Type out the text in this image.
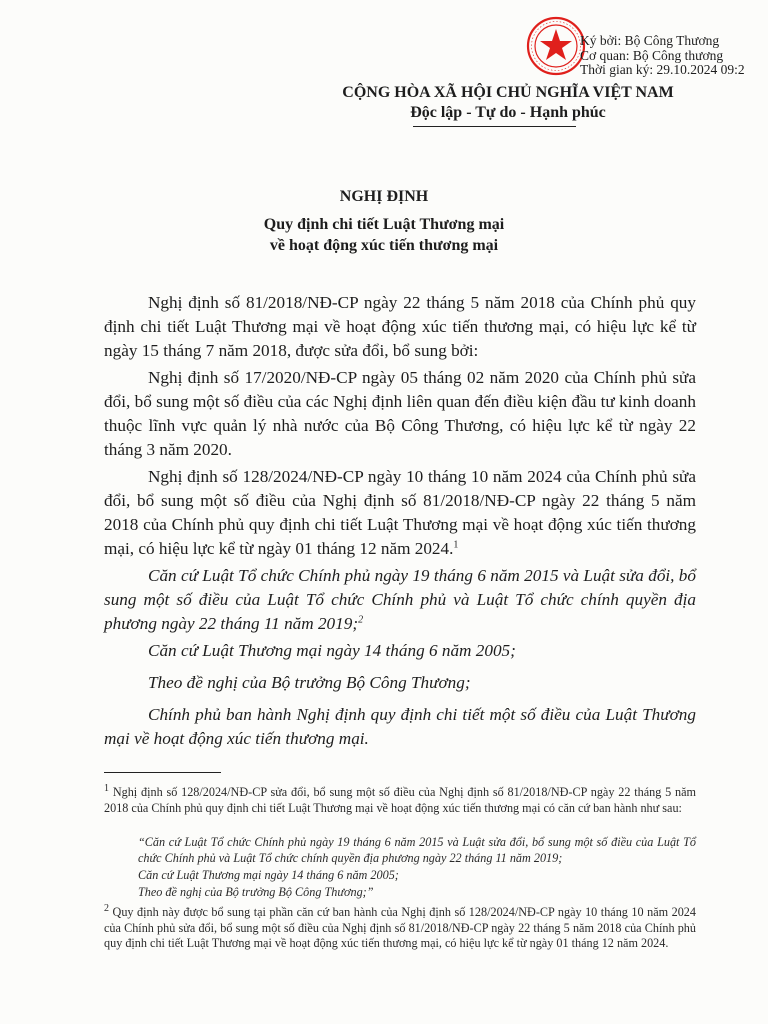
Ký bởi: Bộ Công Thương
Cơ quan: Bộ Công thương
Thời gian ký: 29.10.2024 09:2
CỘNG HÒA XÃ HỘI CHỦ NGHĨA VIỆT NAM
Độc lập - Tự do - Hạnh phúc
NGHỊ ĐỊNH
Quy định chi tiết Luật Thương mại
về hoạt động xúc tiến thương mại
Nghị định số 81/2018/NĐ-CP ngày 22 tháng 5 năm 2018 của Chính phủ quy định chi tiết Luật Thương mại về hoạt động xúc tiến thương mại, có hiệu lực kể từ ngày 15 tháng 7 năm 2018, được sửa đổi, bổ sung bởi:
Nghị định số 17/2020/NĐ-CP ngày 05 tháng 02 năm 2020 của Chính phủ sửa đổi, bổ sung một số điều của các Nghị định liên quan đến điều kiện đầu tư kinh doanh thuộc lĩnh vực quản lý nhà nước của Bộ Công Thương, có hiệu lực kể từ ngày 22 tháng 3 năm 2020.
Nghị định số 128/2024/NĐ-CP ngày 10 tháng 10 năm 2024 của Chính phủ sửa đổi, bổ sung một số điều của Nghị định số 81/2018/NĐ-CP ngày 22 tháng 5 năm 2018 của Chính phủ quy định chi tiết Luật Thương mại về hoạt động xúc tiến thương mại, có hiệu lực kể từ ngày 01 tháng 12 năm 2024.$^1$
Căn cứ Luật Tổ chức Chính phủ ngày 19 tháng 6 năm 2015 và Luật sửa đổi, bổ sung một số điều của Luật Tổ chức Chính phủ và Luật Tổ chức chính quyền địa phương ngày 22 tháng 11 năm 2019;$^2$
Căn cứ Luật Thương mại ngày 14 tháng 6 năm 2005;
Theo đề nghị của Bộ trưởng Bộ Công Thương;
Chính phủ ban hành Nghị định quy định chi tiết một số điều của Luật Thương mại về hoạt động xúc tiến thương mại.
$^1$ Nghị định số 128/2024/NĐ-CP sửa đổi, bổ sung một số điều của Nghị định số 81/2018/NĐ-CP ngày 22 tháng 5 năm 2018 của Chính phủ quy định chi tiết Luật Thương mại về hoạt động xúc tiến thương mại có căn cứ ban hành như sau:
“Căn cứ Luật Tổ chức Chính phủ ngày 19 tháng 6 năm 2015 và Luật sửa đổi, bổ sung một số điều của Luật Tổ chức Chính phủ và Luật Tổ chức chính quyền địa phương ngày 22 tháng 11 năm 2019;
Căn cứ Luật Thương mại ngày 14 tháng 6 năm 2005;
Theo đề nghị của Bộ trưởng Bộ Công Thương;”
$^2$ Quy định này được bổ sung tại phần căn cứ ban hành của Nghị định số 128/2024/NĐ-CP ngày 10 tháng 10 năm 2024 của Chính phủ sửa đổi, bổ sung một số điều của Nghị định số 81/2018/NĐ-CP ngày 22 tháng 5 năm 2018 của Chính phủ quy định chi tiết Luật Thương mại về hoạt động xúc tiến thương mại, có hiệu lực kể từ ngày 01 tháng 12 năm 2024.
